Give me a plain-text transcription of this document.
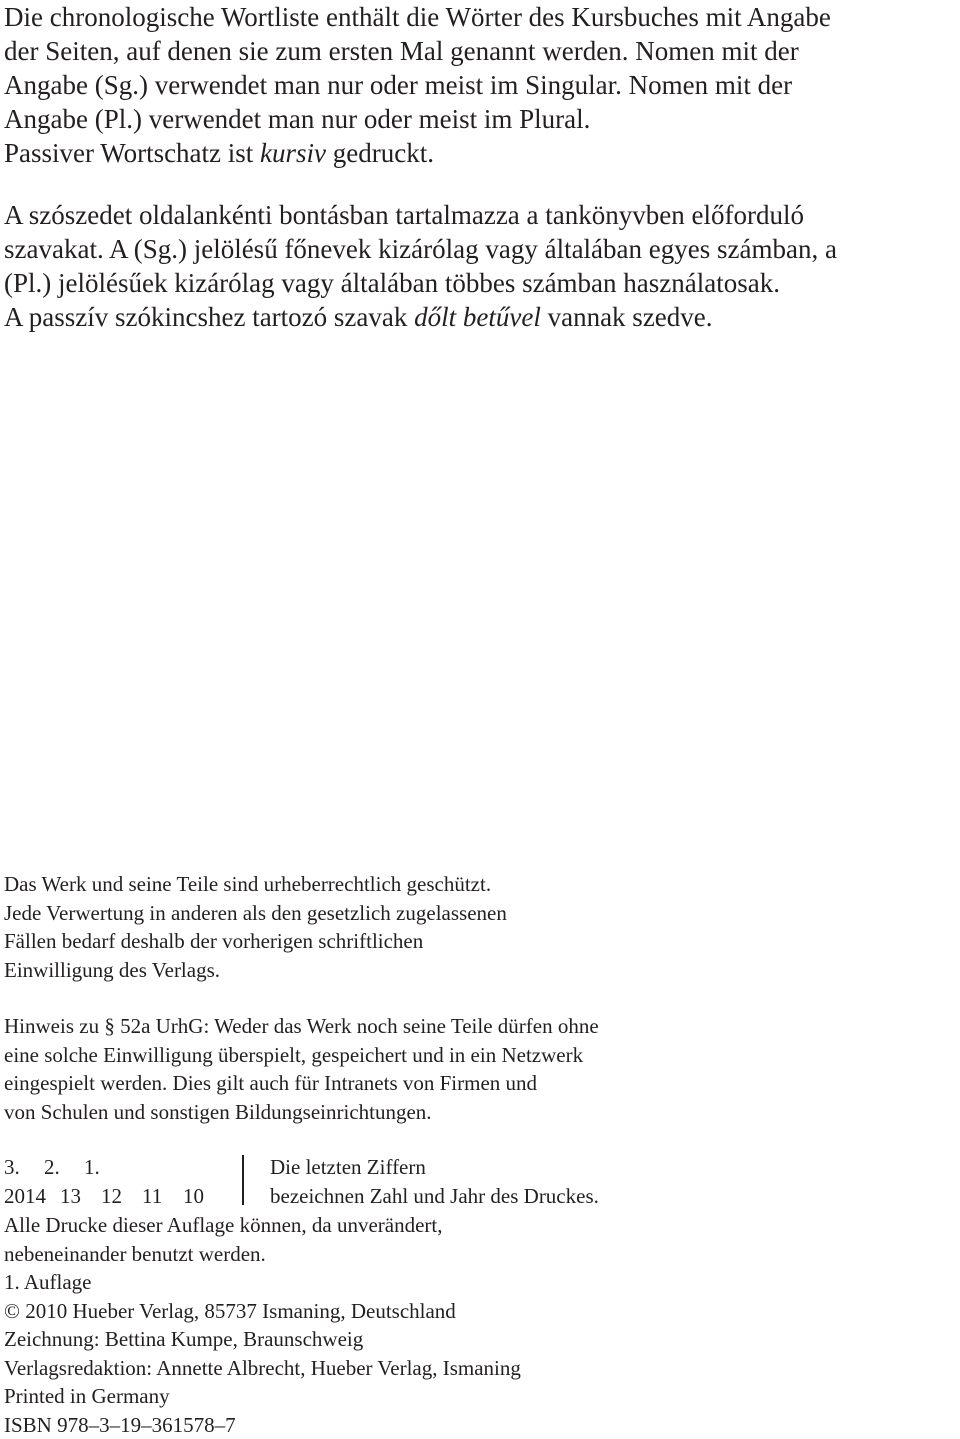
Die chronologische Wortliste enthält die Wörter des Kursbuches mit Angabe
der Seiten, auf denen sie zum ersten Mal genannt werden. Nomen mit der
Angabe (Sg.) verwendet man nur oder meist im Singular. Nomen mit der
Angabe (Pl.) verwendet man nur oder meist im Plural.
Passiver Wortschatz ist kursiv gedruckt.
A szószedet oldalankénti bontásban tartalmazza a tankönyvben előforduló
szavakat. A (Sg.) jelölésű főnevek kizárólag vagy általában egyes számban, a
(Pl.) jelölésűek kizárólag vagy általában többes számban használatosak.
A passzív szókincshez tartozó szavak dőlt betűvel vannak szedve.
Das Werk und seine Teile sind urheberrechtlich geschützt.
Jede Verwertung in anderen als den gesetzlich zugelassenen
Fällen bedarf deshalb der vorherigen schriftlichen
Einwilligung des Verlags.
Hinweis zu § 52a UrhG: Weder das Werk noch seine Teile dürfen ohne
eine solche Einwilligung überspielt, gespeichert und in ein Netzwerk
eingespielt werden. Dies gilt auch für Intranets von Firmen und
von Schulen und sonstigen Bildungseinrichtungen.
3. 2. 1.
2014 13 12 11 10
Die letzten Ziffern
bezeichnen Zahl und Jahr des Druckes.
Alle Drucke dieser Auflage können, da unverändert,
nebeneinander benutzt werden.
1. Auflage
© 2010 Hueber Verlag, 85737 Ismaning, Deutschland
Zeichnung: Bettina Kumpe, Braunschweig
Verlagsredaktion: Annette Albrecht, Hueber Verlag, Ismaning
Printed in Germany
ISBN 978–3–19–361578–7
